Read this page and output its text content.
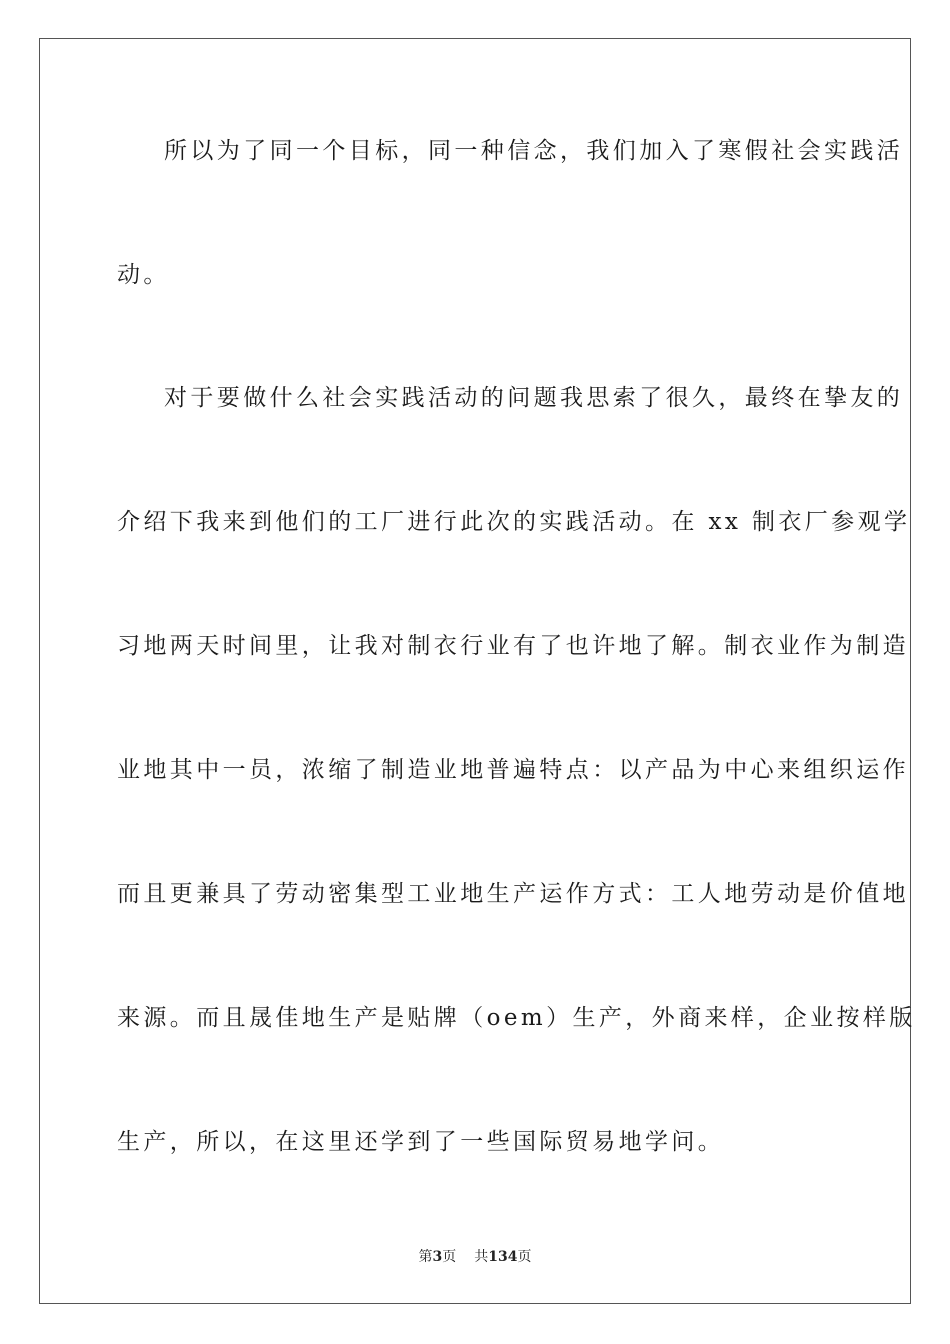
所以为了同一个目标，同一种信念，我们加入了寒假社会实践活
动。
对于要做什么社会实践活动的问题我思索了很久，最终在挚友的
介绍下我来到他们的工厂进行此次的实践活动。在 xx 制衣厂参观学
习地两天时间里，让我对制衣行业有了也许地了解。制衣业作为制造
业地其中一员，浓缩了制造业地普遍特点：以产品为中心来组织运作
而且更兼具了劳动密集型工业地生产运作方式：工人地劳动是价值地
来源。而且晟佳地生产是贴牌（oem）生产，外商来样，企业按样版
生产，所以，在这里还学到了一些国际贸易地学问。
第3页 共134页
